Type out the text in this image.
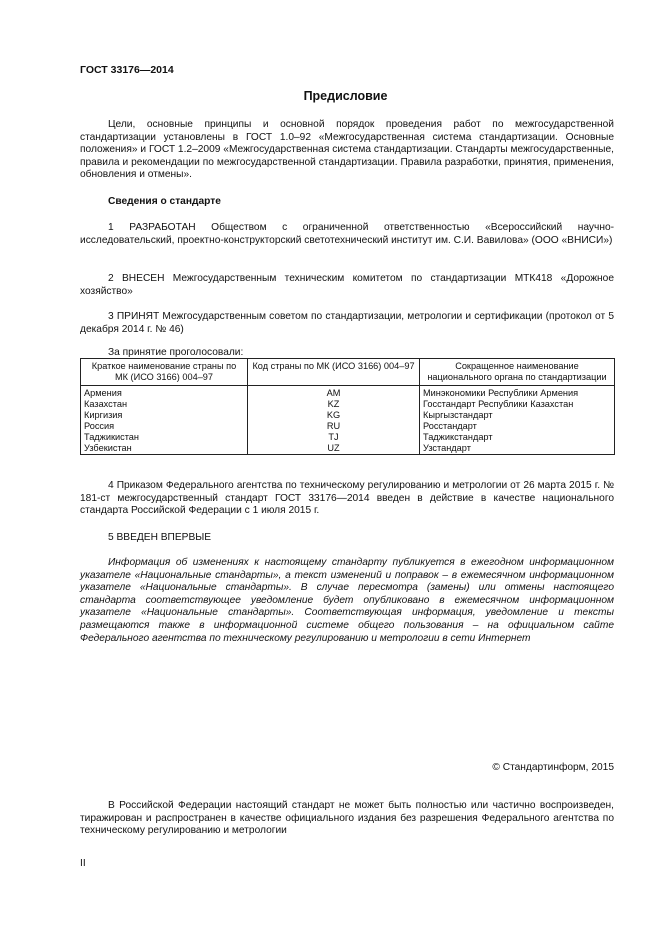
ГОСТ 33176—2014
Предисловие

Цели, основные принципы и основной порядок проведения работ по межгосударственной стандартизации установлены в ГОСТ 1.0–92 «Межгосударственная система стандартизации. Основные положения» и ГОСТ 1.2–2009 «Межгосударственная система стандартизации. Стандарты межгосударственные, правила и рекомендации по межгосударственной стандартизации. Правила разработки, принятия, применения, обновления и отмены».

Сведения о стандарте

1 РАЗРАБОТАН Обществом с ограниченной ответственностью «Всероссийский научно-исследовательский, проектно-конструкторский светотехнический институт им. С.И. Вавилова» (ООО «ВНИСИ»)

2 ВНЕСЕН Межгосударственным техническим комитетом по стандартизации МТК418 «Дорожное хозяйство»

3 ПРИНЯТ Межгосударственным советом по стандартизации, метрологии и сертификации (протокол от 5 декабря 2014 г. № 46)

За принятие проголосовали:
Краткое наименование страны по МК (ИСО 3166) 004–97	Код страны по МК (ИСО 3166) 004–97	Сокращенное наименование национального органа по стандартизации
Армения	AM	Минэкономики Республики Армения
Казахстан	KZ	Госстандарт Республики Казахстан
Киргизия	KG	Кыргызстандарт
Россия	RU	Росстандарт
Таджикистан	TJ	Таджикстандарт
Узбекистан	UZ	Узстандарт

4 Приказом Федерального агентства по техническому регулированию и метрологии от 26 марта 2015 г. № 181-ст межгосударственный стандарт ГОСТ 33176—2014 введен в действие в качестве национального стандарта Российской Федерации с 1 июля 2015 г.

5 ВВЕДЕН ВПЕРВЫЕ

Информация об изменениях к настоящему стандарту публикуется в ежегодном информационном указателе «Национальные стандарты», а текст изменений и поправок – в ежемесячном информационном указателе «Национальные стандарты». В случае пересмотра (замены) или отмены настоящего стандарта соответствующее уведомление будет опубликовано в ежемесячном информационном указателе «Национальные стандарты». Соответствующая информация, уведомление и тексты размещаются также в информационной системе общего пользования – на официальном сайте Федерального агентства по техническому регулированию и метрологии в сети Интернет

© Стандартинформ, 2015

В Российской Федерации настоящий стандарт не может быть полностью или частично воспроизведен, тиражирован и распространен в качестве официального издания без разрешения Федерального агентства по техническому регулированию и метрологии

II
